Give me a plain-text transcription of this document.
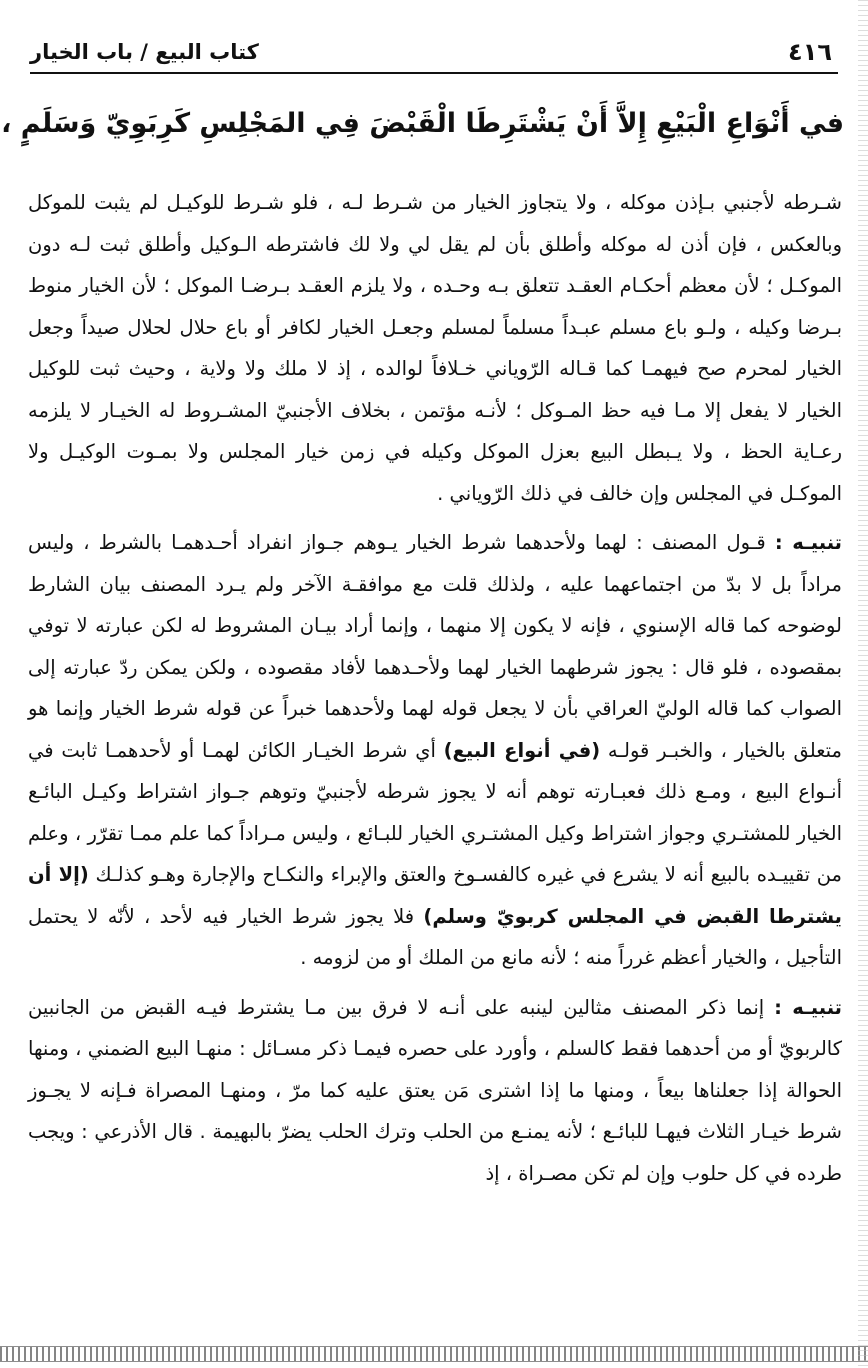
كتاب البيع / باب الخيار	٤١٦
في أَنْوَاعِ الْبَيْعِ إِلاَّ أَنْ يَشْتَرِطَا الْقَبْضَ فِي المَجْلِسِ كَرِبَوِيّ وَسَلَمٍ ،

شـرطه لأجنبي بـإذن موكله ، ولا يتجاوز الخيار من شـرط لـه ، فلو شـرط للوكيـل لم يثبت للموكل وبالعكس ، فإن أذن له موكله وأطلق بأن لم يقل لي ولا لك فاشترطه الـوكيل وأطلق ثبت لـه دون الموكـل ؛ لأن معظم أحكـام العقـد تتعلق بـه وحـده ، ولا يلزم العقـد بـرضـا الموكل ؛ لأن الخيار منوط بـرضا وكيله ، ولـو باع مسلم عبـداً مسلماً لمسلم وجعـل الخيار لكافر أو باع حلال لحلال صيداً وجعل الخيار لمحرم صح فيهمـا كما قـاله الرّوياني خـلافاً لوالده ، إذ لا ملك ولا ولاية ، وحيث ثبت للوكيل الخيار لا يفعل إلا مـا فيه حظ المـوكل ؛ لأنـه مؤتمن ، بخلاف الأجنبيّ المشـروط له الخيـار لا يلزمه رعـاية الحظ ، ولا يـبطل البيع بعزل الموكل وكيله في زمن خيار المجلس ولا بمـوت الوكيـل ولا الموكـل في المجلس وإن خالف في ذلك الرّوياني .

تنبيـه : قـول المصنف : لهما ولأحدهما شرط الخيار يـوهم جـواز انفراد أحـدهمـا بالشرط ، وليس مراداً بل لا بدّ من اجتماعهما عليه ، ولذلك قلت مع موافقـة الآخر ولم يـرد المصنف بيان الشارط لوضوحه كما قاله الإسنوي ، فإنه لا يكون إلا منهما ، وإنما أراد بيـان المشروط له لكن عبارته لا توفي بمقصوده ، فلو قال : يجوز شرطهما الخيار لهما ولأحـدهما لأفاد مقصوده ، ولكن يمكن ردّ عبارته إلى الصواب كما قاله الوليّ العراقي بأن لا يجعل قوله لهما ولأحدهما خبراً عن قوله شرط الخيار وإنما هو متعلق بالخيار ، والخبـر قولـه (في أنواع البيع) أي شرط الخيـار الكائن لهمـا أو لأحدهمـا ثابت في أنـواع البيع ، ومـع ذلك فعبـارته توهم أنه لا يجوز شرطه لأجنبيّ وتوهم جـواز اشتراط وكيـل البائـع الخيار للمشتـري وجواز اشتراط وكيل المشتـري الخيار للبـائع ، وليس مـراداً كما علم ممـا تقرّر ، وعلم من تقييـده بالبيع أنه لا يشرع في غيره كالفسـوخ والعتق والإبراء والنكـاح والإجارة وهـو كذلـك (إلا أن يشترطا القبض في المجلس كربويّ وسلم) فلا يجوز شرط الخيار فيه لأحد ، لأنّه لا يحتمل التأجيل ، والخيار أعظم غرراً منه ؛ لأنه مانع من الملك أو من لزومه .

تنبيـه : إنما ذكر المصنف مثالين لينبه على أنـه لا فرق بين مـا يشترط فيـه القبض من الجانبين كالربويّ أو من أحدهما فقط كالسلم ، وأورد على حصره فيمـا ذكر مسـائل : منهـا البيع الضمني ، ومنها الحوالة إذا جعلناها بيعاً ، ومنها ما إذا اشترى مَن يعتق عليه كما مرّ ، ومنهـا المصراة فـإنه لا يجـوز شرط خيـار الثلاث فيهـا للبائـع ؛ لأنه يمنـع من الحلب وترك الحلب يضرّ بالبهيمة . قال الأذرعي : ويجب طرده في كل حلوب وإن لم تكن مصـراة ، إذ
